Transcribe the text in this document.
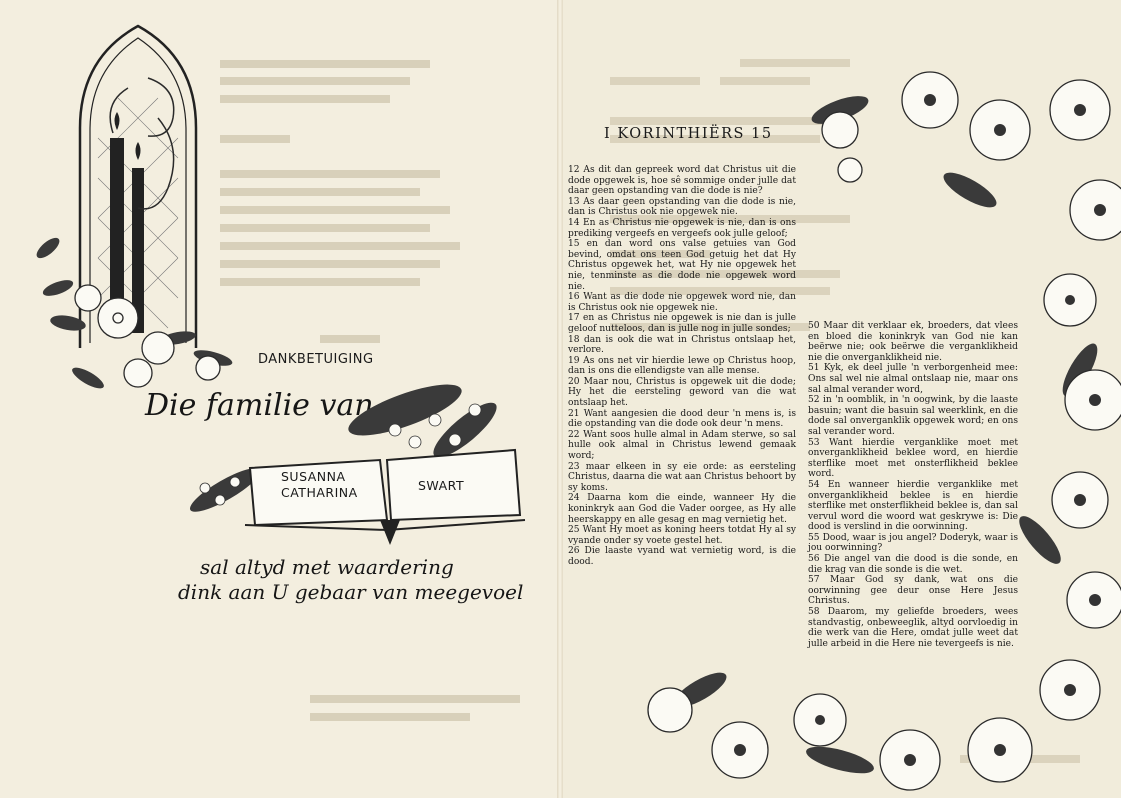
DANKBETUIGING
Die familie van
SUSANNA
CATHARINA	SWART
sal altyd met waardering
dink aan U gebaar van meegevoel
I KORINTHIËRS 15

12 As dit dan gepreek word dat Christus uit die dode opgewek is, hoe sê sommige onder julle dat daar geen opstanding van die dode is nie?

13 As daar geen opstanding van die dode is nie, dan is Christus ook nie opgewek nie.

14 En as Christus nie opgewek is nie, dan is ons prediking vergeefs en vergeefs ook julle geloof;

15 en dan word ons valse getuies van God bevind, omdat ons teen God getuig het dat Hy Christus opgewek het, wat Hy nie opgewek het nie, tenminste as die dode nie opgewek word nie.

16 Want as die dode nie opgewek word nie, dan is Christus ook nie opgewek nie.

17 en as Christus nie opgewek is nie dan is julle geloof nutteloos, dan is julle nog in julle sondes;

18 dan is ook die wat in Christus ontslaap het, verlore.

19 As ons net vir hierdie lewe op Christus hoop, dan is ons die ellendigste van alle mense.

20 Maar nou, Christus is opgewek uit die dode; Hy het die eersteling geword van die wat ontslaap het.

21 Want aangesien die dood deur 'n mens is, is die opstanding van die dode ook deur 'n mens.

22 Want soos hulle almal in Adam sterwe, so sal hulle ook almal in Christus lewend gemaak word;

23 maar elkeen in sy eie orde: as eersteling Christus, daarna die wat aan Christus behoort by sy koms.

24 Daarna kom die einde, wanneer Hy die koninkryk aan God die Vader oorgee, as Hy alle heerskappy en alle gesag en mag vernietig het.

25 Want Hy moet as koning heers totdat Hy al sy vyande onder sy voete gestel het.

26 Die laaste vyand wat vernietig word, is die dood.

50 Maar dit verklaar ek, broeders, dat vlees en bloed die koninkryk van God nie kan beërwe nie; ook beërwe die verganklikheid nie die onverganklikheid nie.

51 Kyk, ek deel julle 'n verborgenheid mee: Ons sal wel nie almal ontslaap nie, maar ons sal almal verander word,

52 in 'n oomblik, in 'n oogwink, by die laaste basuin; want die basuin sal weerklink, en die dode sal onverganklik opgewek word; en ons sal verander word.

53 Want hierdie verganklike moet met onverganklikheid beklee word, en hierdie sterflike moet met onsterflikheid beklee word.

54 En wanneer hierdie verganklike met onverganklikheid beklee is en hierdie sterflike met onsterflikheid beklee is, dan sal vervul word die woord wat geskrywe is: Die dood is verslind in die oorwinning.

55 Dood, waar is jou angel? Doderyk, waar is jou oorwinning?

56 Die angel van die dood is die sonde, en die krag van die sonde is die wet.

57 Maar God sy dank, wat ons die oorwinning gee deur onse Here Jesus Christus.

58 Daarom, my geliefde broeders, wees standvastig, onbeweeglik, altyd oorvloedig in die werk van die Here, omdat julle weet dat julle arbeid in die Here nie tevergeefs is nie.
